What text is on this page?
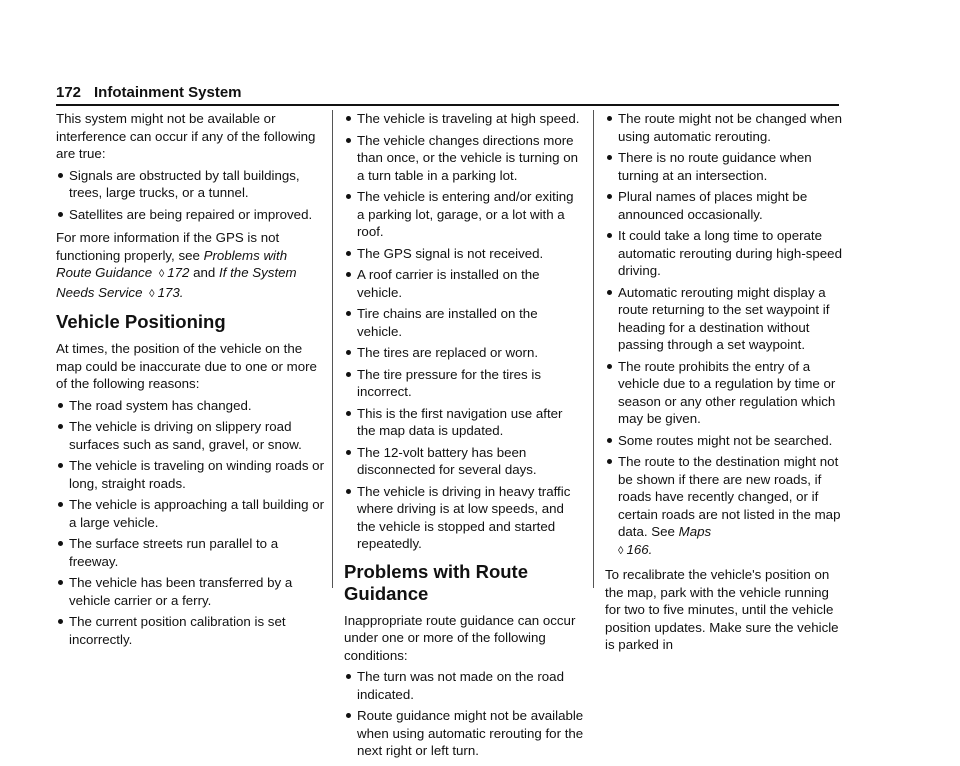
172 Infotainment System

This system might not be available or interference can occur if any of the following are true:

Signals are obstructed by tall buildings, trees, large trucks, or a tunnel.
Satellites are being repaired or improved.

For more information if the GPS is not functioning properly, see Problems with Route Guidance ◊ 172 and If the System Needs Service ◊ 173.

Vehicle Positioning

At times, the position of the vehicle on the map could be inaccurate due to one or more of the following reasons:

The road system has changed.
The vehicle is driving on slippery road surfaces such as sand, gravel, or snow.
The vehicle is traveling on winding roads or long, straight roads.
The vehicle is approaching a tall building or a large vehicle.
The surface streets run parallel to a freeway.
The vehicle has been transferred by a vehicle carrier or a ferry.
The current position calibration is set incorrectly.
The vehicle is traveling at high speed.
The vehicle changes directions more than once, or the vehicle is turning on a turn table in a parking lot.
The vehicle is entering and/or exiting a parking lot, garage, or a lot with a roof.
The GPS signal is not received.
A roof carrier is installed on the vehicle.
Tire chains are installed on the vehicle.
The tires are replaced or worn.
The tire pressure for the tires is incorrect.
This is the first navigation use after the map data is updated.
The 12-volt battery has been disconnected for several days.
The vehicle is driving in heavy traffic where driving is at low speeds, and the vehicle is stopped and started repeatedly.
Problems with Route Guidance

Inappropriate route guidance can occur under one or more of the following conditions:

The turn was not made on the road indicated.
Route guidance might not be available when using automatic rerouting for the next right or left turn.
The route might not be changed when using automatic rerouting.
There is no route guidance when turning at an intersection.
Plural names of places might be announced occasionally.
It could take a long time to operate automatic rerouting during high-speed driving.
Automatic rerouting might display a route returning to the set waypoint if heading for a destination without passing through a set waypoint.
The route prohibits the entry of a vehicle due to a regulation by time or season or any other regulation which may be given.
Some routes might not be searched.
The route to the destination might not be shown if there are new roads, if roads have recently changed, or if certain roads are not listed in the map data. See Maps
◊ 166.

To recalibrate the vehicle's position on the map, park with the vehicle running for two to five minutes, until the vehicle position updates. Make sure the vehicle is parked in
